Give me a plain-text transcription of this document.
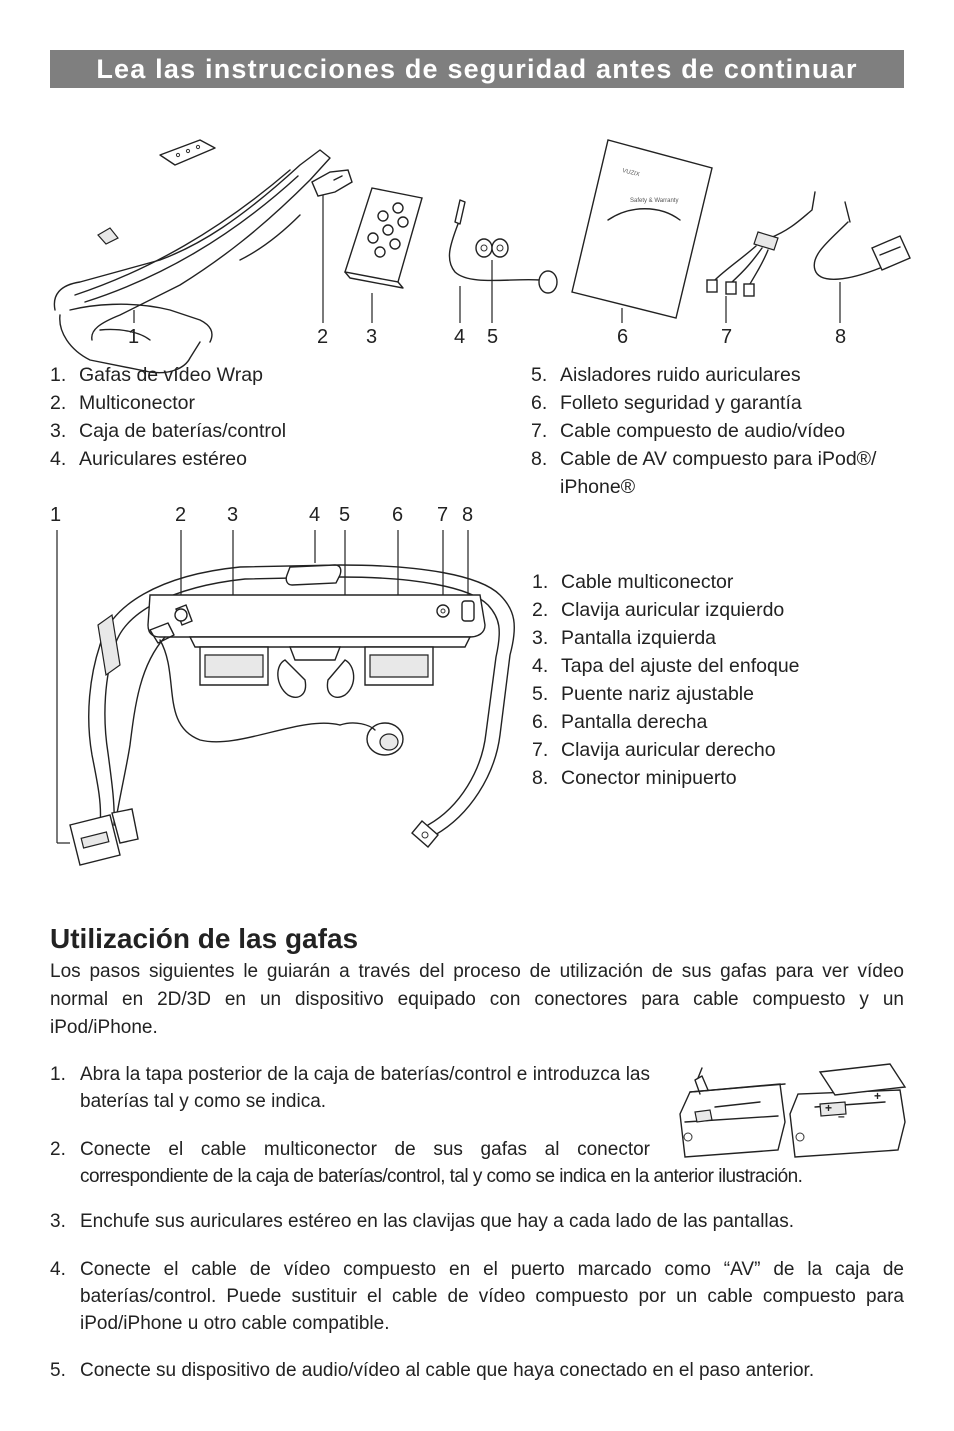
Lea las instrucciones de seguridad antes de continuar
Safety & Warranty
VUZIX
1	2 3	4 5	6	7	8
1. Gafas de vídeo Wrap
2. Multiconector
3. Caja de baterías/control
4. Auriculares estéreo
5. Aisladores ruido auriculares
6. Folleto seguridad y garantía
7. Cable compuesto de audio/vídeo
8. Cable de AV compuesto para iPod®/ iPhone®
1	2 3	4 5 6 7 8
1. Cable multiconector
2. Clavija auricular izquierdo
3. Pantalla izquierda
4. Tapa del ajuste del enfoque
5. Puente nariz ajustable
6. Pantalla derecha
7. Clavija auricular derecho
8. Conector minipuerto
Utilización de las gafas
Los pasos siguientes le guiarán a través del proceso de utilización de sus gafas para ver vídeo normal en 2D/3D en un dispositivo equipado con conectores para cable compuesto y un iPod/iPhone.
+
–
+
1. Abra la tapa posterior de la caja de baterías/control e introduzca las baterías tal y como se indica.
2. Conecte el cable multiconector de sus gafas al conector
correspondiente de la caja de baterías/control, tal y como se indica en la anterior ilustración.
3. Enchufe sus auriculares estéreo en las clavijas que hay a cada lado de las pantallas.
4. Conecte el cable de vídeo compuesto en el puerto marcado como “AV” de la caja de baterías/control. Puede sustituir el cable de vídeo compuesto por un cable compuesto para iPod/iPhone u otro cable compatible.
5. Conecte su dispositivo de audio/vídeo al cable que haya conectado en el paso anterior.
